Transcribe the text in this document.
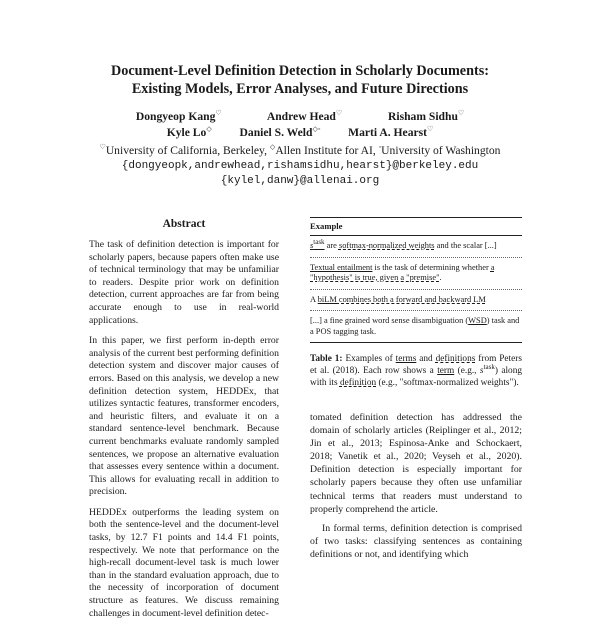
Document-Level Definition Detection in Scholarly Documents:
Existing Models, Error Analyses, and Future Directions
Dongyeop Kang♡	Andrew Head♡	Risham Sidhu♡
Kyle Lo◇ Daniel S. Weld◇◦ Marti A. Hearst♡
♡University of California, Berkeley, ◇Allen Institute for AI, ◦University of Washington
{dongyeopk,andrewhead,rishamsidhu,hearst}@berkeley.edu
{kylel,danw}@allenai.org
Abstract

The task of definition detection is important for scholarly papers, because papers often make use of technical terminology that may be unfamiliar to readers. Despite prior work on definition detection, current approaches are far from being accurate enough to use in real-world applications.

In this paper, we first perform in-depth error analysis of the current best performing definition detection system and discover major causes of errors. Based on this analysis, we develop a new definition detection system, HEDDEx, that utilizes syntactic features, transformer encoders, and heuristic filters, and evaluate it on a standard sentence-level benchmark. Because current benchmarks evaluate randomly sampled sentences, we propose an alternative evaluation that assesses every sentence within a document. This allows for evaluating recall in addition to precision.

HEDDEx outperforms the leading system on both the sentence-level and the document-level tasks, by 12.7 F1 points and 14.4 F1 points, respectively. We note that performance on the high-recall document-level task is much lower than in the standard evaluation approach, due to the necessity of incorporation of document structure as features. We discuss remaining challenges in document-level definition detec-

Example
$s^{task}$ are softmax-normalized weights and the scalar [...]
Textual entailment is the task of determining whether a "hypothesis" is true, given a "premise".
A biLM combines both a forward and backward LM
[...] a fine grained word sense disambiguation (WSD) task and a POS tagging task.
Table 1: Examples of terms and definitions from Peters et al. (2018). Each row shows a term (e.g., $s^{task}$) along with its definition (e.g., "softmax-normalized weights").

tomated definition detection has addressed the domain of scholarly articles (Reiplinger et al., 2012; Jin et al., 2013; Espinosa-Anke and Schockaert, 2018; Vanetik et al., 2020; Veyseh et al., 2020). Definition detection is especially important for scholarly papers because they often use unfamiliar technical terms that readers must understand to properly comprehend the article.

In formal terms, definition detection is comprised of two tasks: classifying sentences as containing definitions or not, and identifying which
